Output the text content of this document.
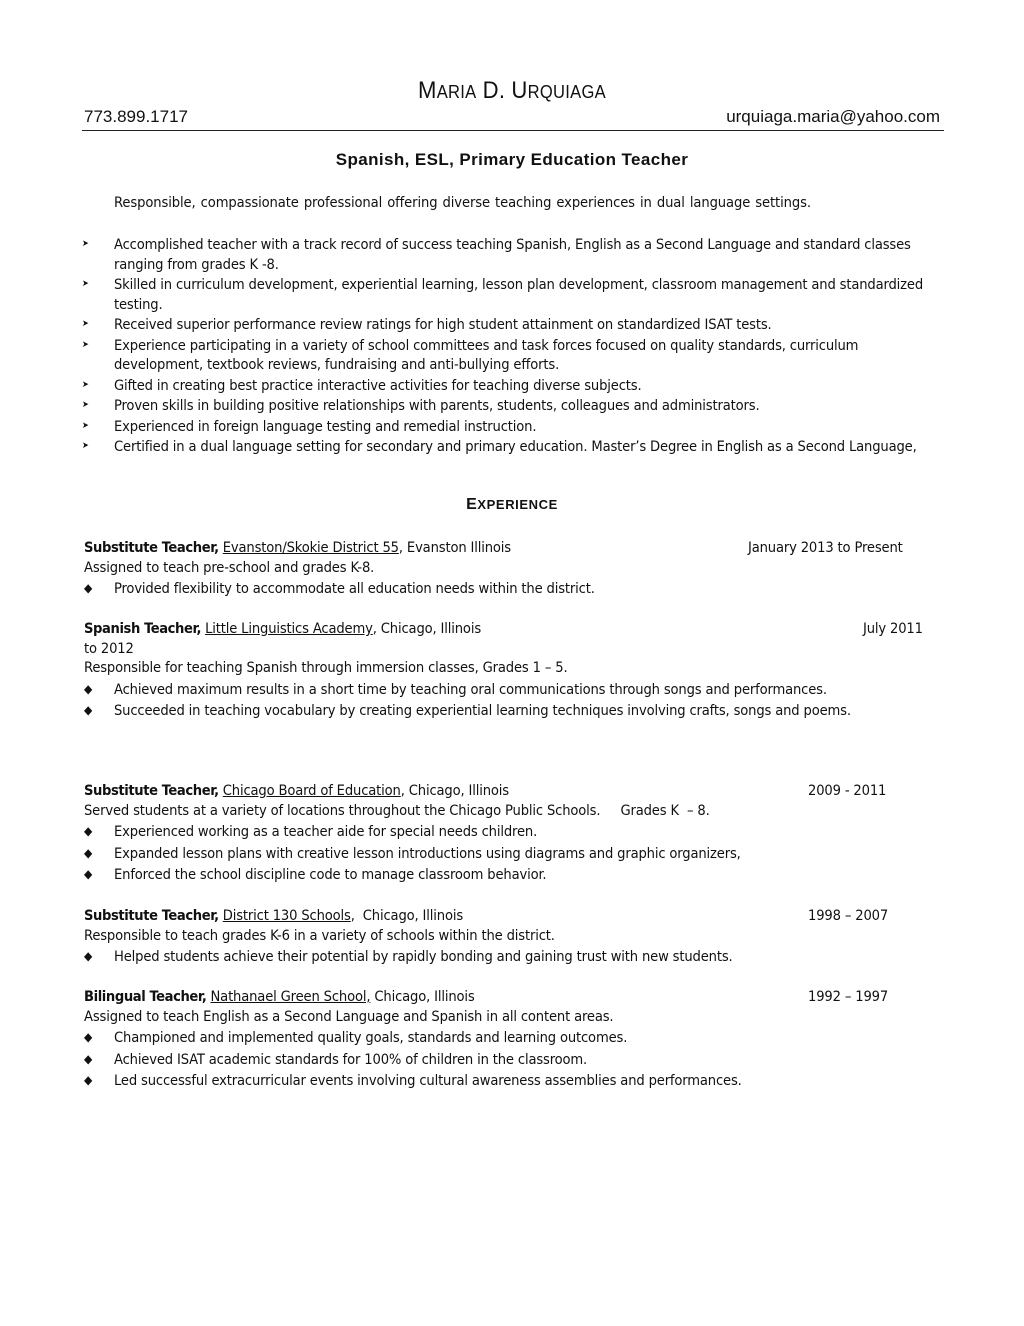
MARIA D. URQUIAGA
773.899.1717	urquiaga.maria@yahoo.com
Spanish, ESL, Primary Education Teacher
Responsible, compassionate professional offering diverse teaching experiences in dual language settings.
➤ Accomplished teacher with a track record of success teaching Spanish, English as a Second Language and standard classes ranging from grades K -8.
➤ Skilled in curriculum development, experiential learning, lesson plan development, classroom management and standardized testing.
➤ Received superior performance review ratings for high student attainment on standardized ISAT tests.
➤ Experience participating in a variety of school committees and task forces focused on quality standards, curriculum development, textbook reviews, fundraising and anti-bullying efforts.
➤ Gifted in creating best practice interactive activities for teaching diverse subjects.
➤ Proven skills in building positive relationships with parents, students, colleagues and administrators.
➤ Experienced in foreign language testing and remedial instruction.
➤ Certified in a dual language setting for secondary and primary education. Master’s Degree in English as a Second Language,
EXPERIENCE
Substitute Teacher, Evanston/Skokie District 55, Evanston Illinois	January 2013 to Present
Assigned to teach pre-school and grades K-8.
◆ Provided flexibility to accommodate all education needs within the district.
Spanish Teacher, Little Linguistics Academy, Chicago, Illinois	July 2011
to 2012
Responsible for teaching Spanish through immersion classes, Grades 1 – 5.
◆ Achieved maximum results in a short time by teaching oral communications through songs and performances.
◆ Succeeded in teaching vocabulary by creating experiential learning techniques involving crafts, songs and poems.
Substitute Teacher, Chicago Board of Education, Chicago, Illinois	2009 - 2011
Served students at a variety of locations throughout the Chicago Public Schools.     Grades K  – 8.
◆ Experienced working as a teacher aide for special needs children.
◆ Expanded lesson plans with creative lesson introductions using diagrams and graphic organizers,
◆ Enforced the school discipline code to manage classroom behavior.
Substitute Teacher, District 130 Schools,  Chicago, Illinois	1998 – 2007
Responsible to teach grades K-6 in a variety of schools within the district.
◆ Helped students achieve their potential by rapidly bonding and gaining trust with new students.
Bilingual Teacher, Nathanael Green School, Chicago, Illinois	1992 – 1997
Assigned to teach English as a Second Language and Spanish in all content areas.
◆ Championed and implemented quality goals, standards and learning outcomes.
◆ Achieved ISAT academic standards for 100% of children in the classroom.
◆ Led successful extracurricular events involving cultural awareness assemblies and performances.
